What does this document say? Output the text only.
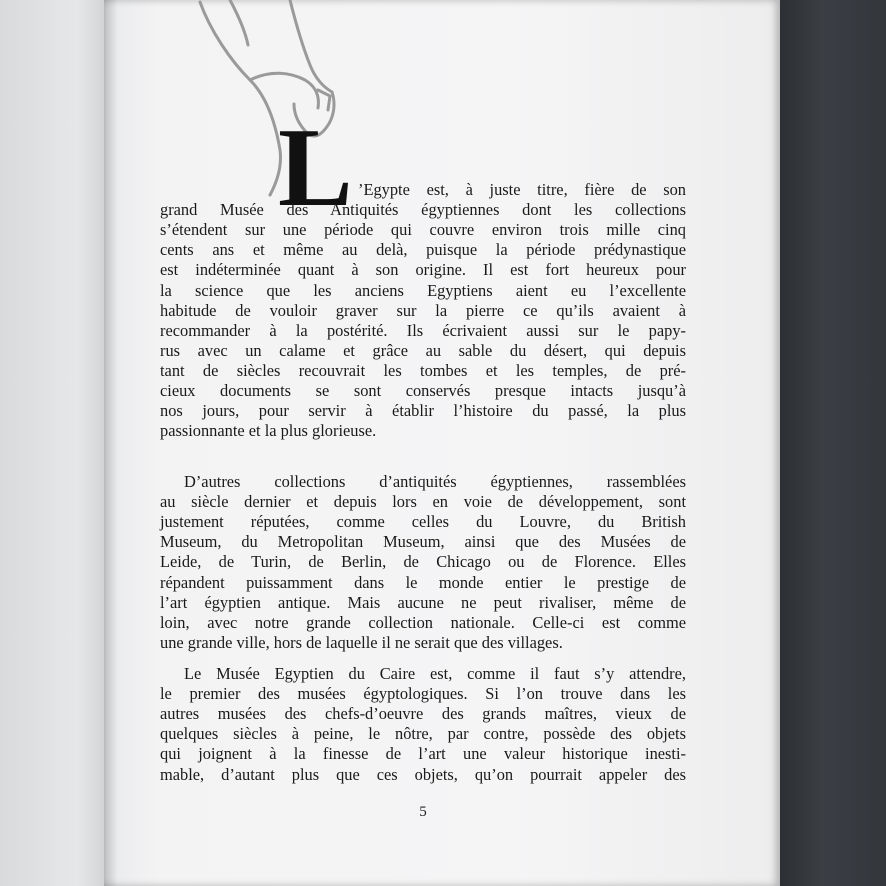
L ’Egypte est, à juste titre, fière de son
grand Musée des Antiquités égyptiennes dont les collections
s’étendent sur une période qui couvre environ trois mille cinq
cents ans et même au delà, puisque la période prédynastique
est indéterminée quant à son origine. Il est fort heureux pour
la science que les anciens Egyptiens aient eu l’excellente
habitude de vouloir graver sur la pierre ce qu’ils avaient à
recommander à la postérité. Ils écrivaient aussi sur le papy-
rus avec un calame et grâce au sable du désert, qui depuis
tant de siècles recouvrait les tombes et les temples, de pré-
cieux documents se sont conservés presque intacts jusqu’à
nos jours, pour servir à établir l’histoire du passé, la plus
passionnante et la plus glorieuse.
D’autres collections d’antiquités égyptiennes, rassemblées
au siècle dernier et depuis lors en voie de développement, sont
justement réputées, comme celles du Louvre, du British
Museum, du Metropolitan Museum, ainsi que des Musées de
Leide, de Turin, de Berlin, de Chicago ou de Florence. Elles
répandent puissamment dans le monde entier le prestige de
l’art égyptien antique. Mais aucune ne peut rivaliser, même de
loin, avec notre grande collection nationale. Celle-ci est comme
une grande ville, hors de laquelle il ne serait que des villages.
Le Musée Egyptien du Caire est, comme il faut s’y attendre,
le premier des musées égyptologiques. Si l’on trouve dans les
autres musées des chefs-d’oeuvre des grands maîtres, vieux de
quelques siècles à peine, le nôtre, par contre, possède des objets
qui joignent à la finesse de l’art une valeur historique inesti-
mable, d’autant plus que ces objets, qu’on pourrait appeler des
5
